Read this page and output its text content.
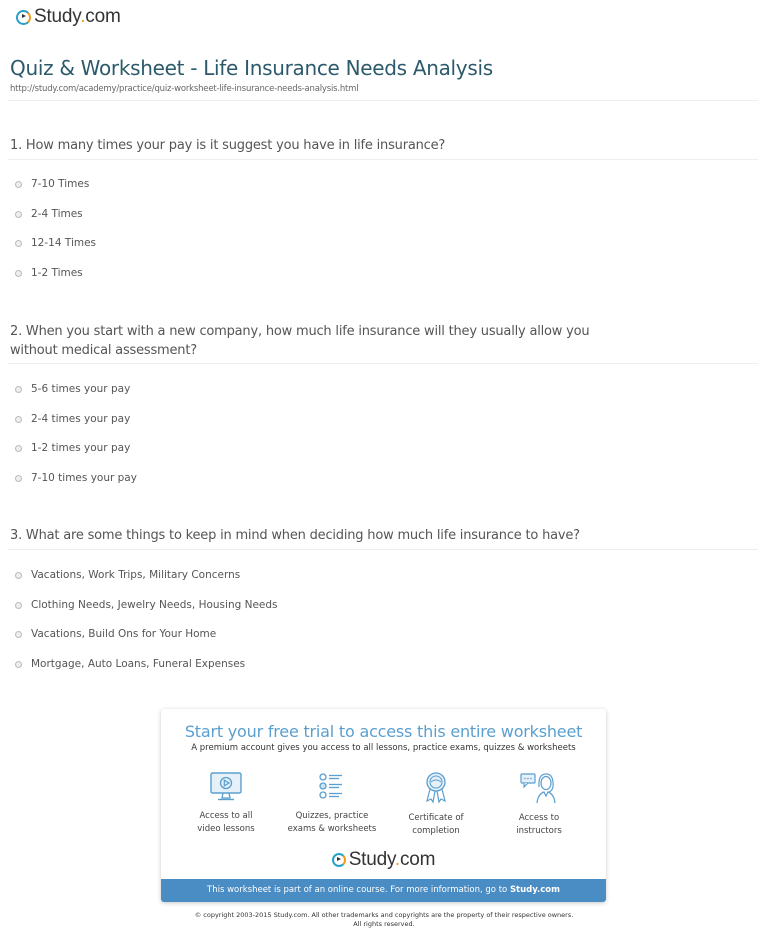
Study.com
Quiz & Worksheet - Life Insurance Needs Analysis
http://study.com/academy/practice/quiz-worksheet-life-insurance-needs-analysis.html
1. How many times your pay is it suggest you have in life insurance?
7-10 Times
2-4 Times
12-14 Times
1-2 Times
2. When you start with a new company, how much life insurance will they usually allow you without medical assessment?
5-6 times your pay
2-4 times your pay
1-2 times your pay
7-10 times your pay
3. What are some things to keep in mind when deciding how much life insurance to have?
Vacations, Work Trips, Military Concerns
Clothing Needs, Jewelry Needs, Housing Needs
Vacations, Build Ons for Your Home
Mortgage, Auto Loans, Funeral Expenses
Start your free trial to access this entire worksheet
A premium account gives you access to all lessons, practice exams, quizzes & worksheets
Access to all
video lessons
Quizzes, practice
exams & worksheets
Certificate of
completion
Access to
instructors
Study.com
This worksheet is part of an online course. For more information, go to Study.com
© copyright 2003-2015 Study.com. All other trademarks and copyrights are the property of their respective owners.
All rights reserved.
